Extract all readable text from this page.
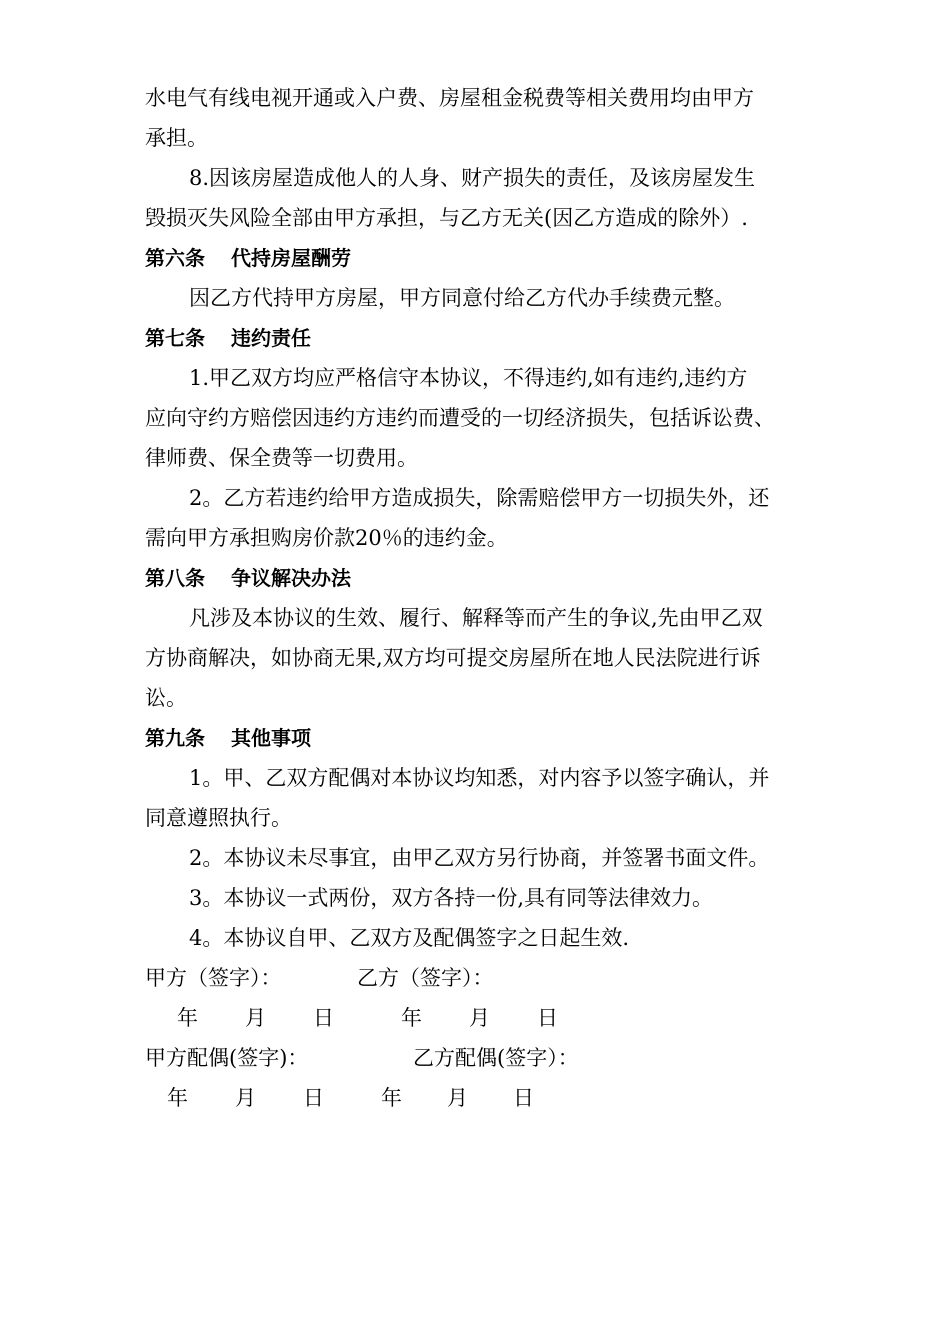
水电气有线电视开通或入户费、房屋租金税费等相关费用均由甲方
承担。
8.因该房屋造成他人的人身、财产损失的责任，及该房屋发生
毁损灭失风险全部由甲方承担，与乙方无关(因乙方造成的除外）.
第六条 代持房屋酬劳
因乙方代持甲方房屋，甲方同意付给乙方代办手续费元整。
第七条 违约责任
1.甲乙双方均应严格信守本协议，不得违约,如有违约,违约方
应向守约方赔偿因违约方违约而遭受的一切经济损失，包括诉讼费、
律师费、保全费等一切费用。
2。乙方若违约给甲方造成损失，除需赔偿甲方一切损失外，还
需向甲方承担购房价款20％的违约金。
第八条 争议解决办法
凡涉及本协议的生效、履行、解释等而产生的争议,先由甲乙双
方协商解决，如协商无果,双方均可提交房屋所在地人民法院进行诉
讼。
第九条 其他事项
1。甲、乙双方配偶对本协议均知悉，对内容予以签字确认，并
同意遵照执行。
2。本协议未尽事宜，由甲乙双方另行协商，并签署书面文件。
3。本协议一式两份，双方各持一份,具有同等法律效力。
4。本协议自甲、乙双方及配偶签字之日起生效.
甲方（签字）：	乙方（签字）：
年 月 日	年 月 日
甲方配偶(签字)：	乙方配偶(签字）：
年 月 日	年 月 日
